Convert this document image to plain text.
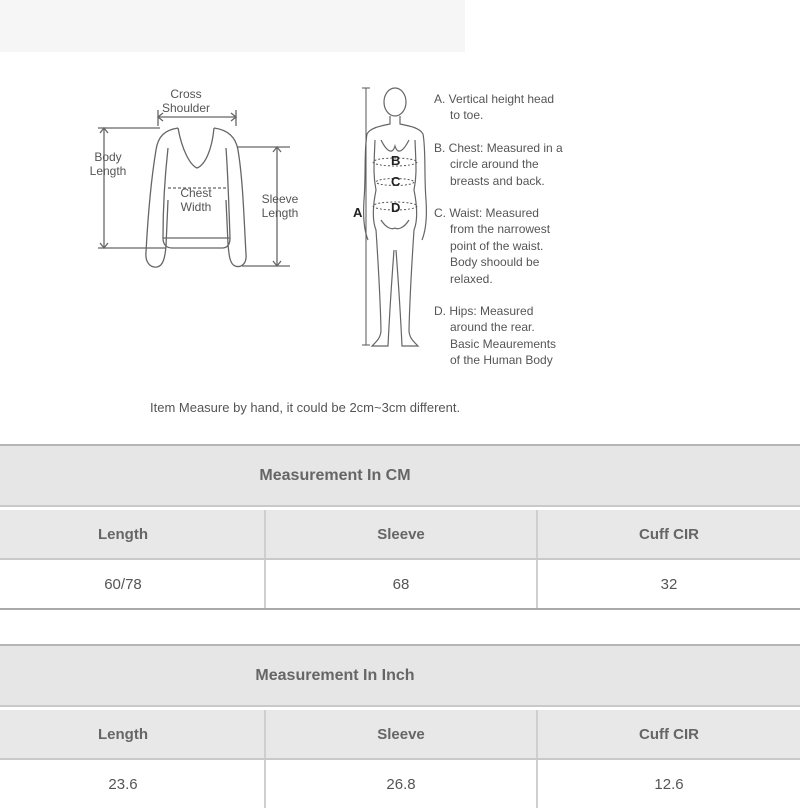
Cross
Shoulder
Body
Length
Chest
Width
Sleeve
Length	A
B
C
D
A. Vertical height head
to toe.
B. Chest: Measured in a
circle around the
breasts and back.
C. Waist: Measured
from the narrowest
point of the waist.
Body shoould be
relaxed.
D. Hips: Measured
around the rear.
Basic Meaurements
of the Human Body
Item Measure by hand, it could be 2cm~3cm different.
Measurement In CM
Length	Sleeve	Cuff CIR
60/78	68	32
Measurement In Inch
Length	Sleeve	Cuff CIR
23.6	26.8	12.6
